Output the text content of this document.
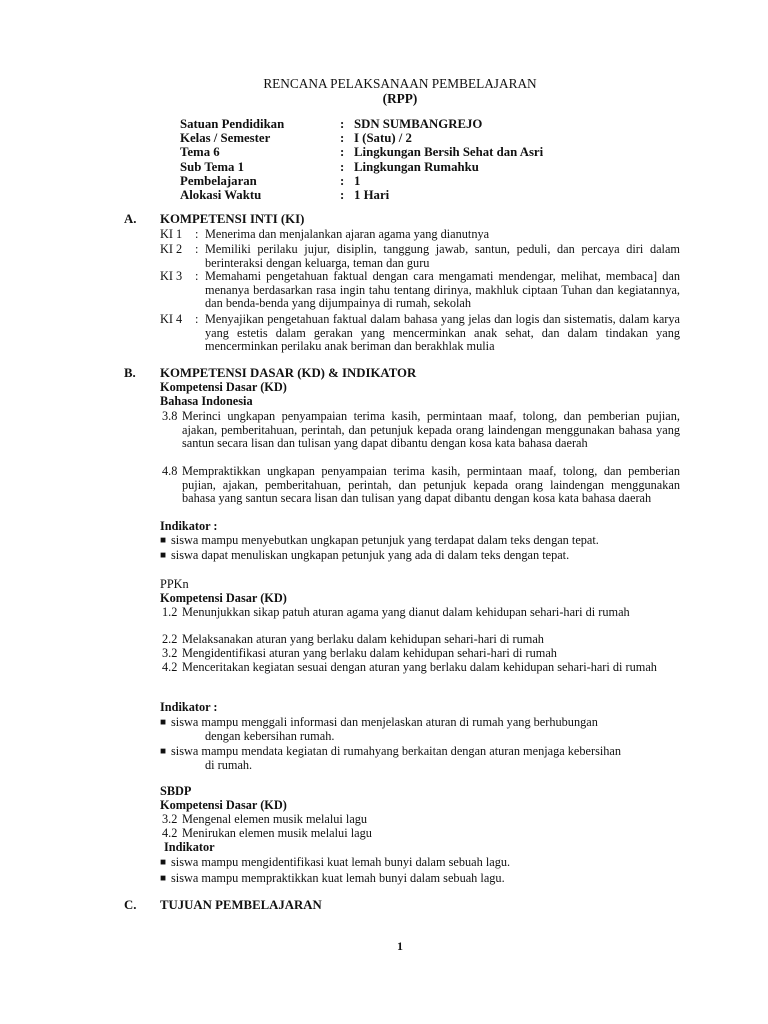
RENCANA PELAKSANAAN PEMBELAJARAN
(RPP)
Satuan Pendidikan	: SDN SUMBANGREJO
Kelas / Semester	: I (Satu) / 2
Tema 6	: Lingkungan Bersih Sehat dan Asri
Sub Tema 1	: Lingkungan Rumahku
Pembelajaran	: 1
Alokasi Waktu	: 1 Hari
A.	KOMPETENSI INTI (KI)
KI 1	: Menerima dan menjalankan ajaran agama yang dianutnya
KI 2	: Memiliki perilaku jujur, disiplin, tanggung jawab, santun, peduli, dan percaya diri dalam berinteraksi dengan keluarga, teman dan guru
KI 3	: Memahami pengetahuan faktual dengan cara mengamati mendengar, melihat, membaca] dan menanya berdasarkan rasa ingin tahu tentang dirinya, makhluk ciptaan Tuhan dan kegiatannya, dan benda-benda yang dijumpainya di rumah, sekolah
KI 4	: Menyajikan pengetahuan faktual dalam bahasa yang jelas dan logis dan sistematis, dalam karya yang estetis dalam gerakan yang mencerminkan anak sehat, dan dalam tindakan yang mencerminkan perilaku anak beriman dan berakhlak mulia
B.	KOMPETENSI DASAR (KD) & INDIKATOR
Kompetensi Dasar (KD)
Bahasa Indonesia
3.8 Merinci ungkapan penyampaian terima kasih, permintaan maaf, tolong, dan pemberian pujian, ajakan, pemberitahuan, perintah, dan petunjuk kepada orang laindengan menggunakan bahasa yang santun secara lisan dan tulisan yang dapat dibantu dengan kosa kata bahasa daerah
4.8 Mempraktikkan ungkapan penyampaian terima kasih, permintaan maaf, tolong, dan pemberian pujian, ajakan, pemberitahuan, perintah, dan petunjuk kepada orang laindengan menggunakan bahasa yang santun secara lisan dan tulisan yang dapat dibantu dengan kosa kata bahasa daerah
Indikator :
■ siswa mampu menyebutkan ungkapan petunjuk yang terdapat dalam teks dengan tepat.
■ siswa dapat menuliskan ungkapan petunjuk yang ada di dalam teks dengan tepat.
PPKn
Kompetensi Dasar (KD)
1.2 Menunjukkan sikap patuh aturan agama yang dianut dalam kehidupan sehari-hari di rumah
2.2 Melaksanakan aturan yang berlaku dalam kehidupan sehari-hari di rumah
3.2 Mengidentifikasi aturan yang berlaku dalam kehidupan sehari-hari di rumah
4.2 Menceritakan kegiatan sesuai dengan aturan yang berlaku dalam kehidupan sehari-hari di rumah
Indikator :
■ siswa mampu menggali informasi dan menjelaskan aturan di rumah yang berhubungan
dengan kebersihan rumah.
■ siswa mampu mendata kegiatan di rumahyang berkaitan dengan aturan menjaga kebersihan
di rumah.
SBDP
Kompetensi Dasar (KD)
3.2 Mengenal elemen musik melalui lagu
4.2 Menirukan elemen musik melalui lagu
Indikator
■ siswa mampu mengidentifikasi kuat lemah bunyi dalam sebuah lagu.
■ siswa mampu mempraktikkan kuat lemah bunyi dalam sebuah lagu.
C.	TUJUAN PEMBELAJARAN
1
